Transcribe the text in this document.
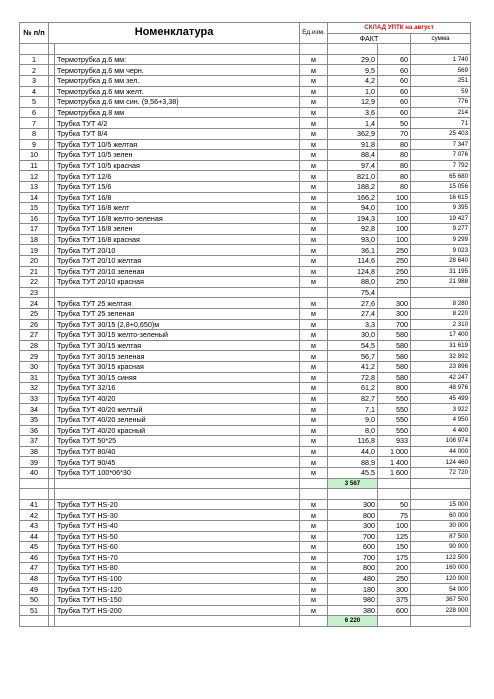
№ п/п	Номенклатура		Ед.изм.	СКЛАД УПТК на август		
				ФАКТ		сумма

1		Термотрубка д.6 мм:	м	29,0	60	1 740
2		Термотрубка д.6 мм черн.	м	9,5	60	569
3		Термотрубка д.6 мм зел.	м	4,2	60	251
4		Термотрубка д.6 мм желт.	м	1,0	60	59
5		Термотрубка д.6 мм син. (9,56+3,38)	м	12,9	60	776
6		Термотрубка д.8 мм	м	3,6	60	214
7		Трубка ТУТ 4/2	м	1,4	50	71
8		Трубка ТУТ 8/4	м	362,9	70	25 403
9		Трубка ТУТ 10/5 желтая	м	91,8	80	7 347
10		Трубка ТУТ 10/5 зелен	м	88,4	80	7 076
11		Трубка ТУТ 10/5 красная	м	97,4	80	7 792
12		Трубка ТУТ 12/6	м	821,0	80	65 680
13		Трубка ТУТ 15/6	м	188,2	80	15 056
14		Трубка ТУТ 16/8	м	166,2	100	16 615
15		Трубка ТУТ 16/8 желт	м	94,0	100	9 395
16		Трубка ТУТ 16/8 желто-зеленая	м	194,3	100	19 427
17		Трубка ТУТ 16/8 зелен	м	92,8	100	9 277
18		Трубка ТУТ 16/8 красная	м	93,0	100	9 299
19		Трубка ТУТ 20/10	м	36,1	250	9 023
20		Трубка ТУТ 20/10 желтая	м	114,6	250	28 640
21		Трубка ТУТ 20/10 зеленая	м	124,8	250	31 195
22		Трубка ТУТ 20/10 красная	м	88,0	250	21 988
23				75,4		
24		Трубка ТУТ 25 желтая	м	27,6	300	8 280
25		Трубка ТУТ 25 зеленая	м	27,4	300	8 220
26		Трубка ТУТ 30/15 (2,8+0,650)м	м	3,3	700	2 310
27		Трубка ТУТ 30/15 желто-зеленый	м	30,0	580	17 400
28		Трубка ТУТ 30/15 желтая	м	54,5	580	31 619
29		Трубка ТУТ 30/15 зеленая	м	56,7	580	32 892
30		Трубка ТУТ 30/15 красная	м	41,2	580	23 896
31		Трубка ТУТ 30/15 синяя	м	72,8	580	42 247
32		Трубка ТУТ 32/16	м	61,2	800	48 976
33		Трубка ТУТ 40/20	м	82,7	550	45 499
34		Трубка ТУТ 40/20 желтый	м	7,1	550	3 922
35		Трубка ТУТ 40/20 зеленый	м	9,0	550	4 950
36		Трубка ТУТ 40/20 красный	м	8,0	550	4 400
37		Трубка ТУТ 50*25	м	116,8	933	108 974
38		Трубка ТУТ 80/40	м	44,0	1 000	44 000
39		Трубка ТУТ 90/45	м	88,9	1 400	124 460
40		Трубка ТУТ 100*06*30	м	45,5	1 600	72 720
				3 567		

41		Трубка ТУТ HS-20	м	300	50	15 000
42		Трубка ТУТ HS-30	м	800	75	60 000
43		Трубка ТУТ HS-40	м	300	100	30 000
44		Трубка ТУТ HS-50	м	700	125	87 500
45		Трубка ТУТ HS-60	м	600	150	90 000
46		Трубка ТУТ HS-70	м	700	175	122 500
47		Трубка ТУТ HS-80	м	800	200	160 000
48		Трубка ТУТ HS-100	м	480	250	120 000
49		Трубка ТУТ HS-120	м	180	300	54 000
50		Трубка ТУТ HS-150	м	980	375	367 500
51		Трубка ТУТ HS-200	м	380	600	228 000
				6 220		
